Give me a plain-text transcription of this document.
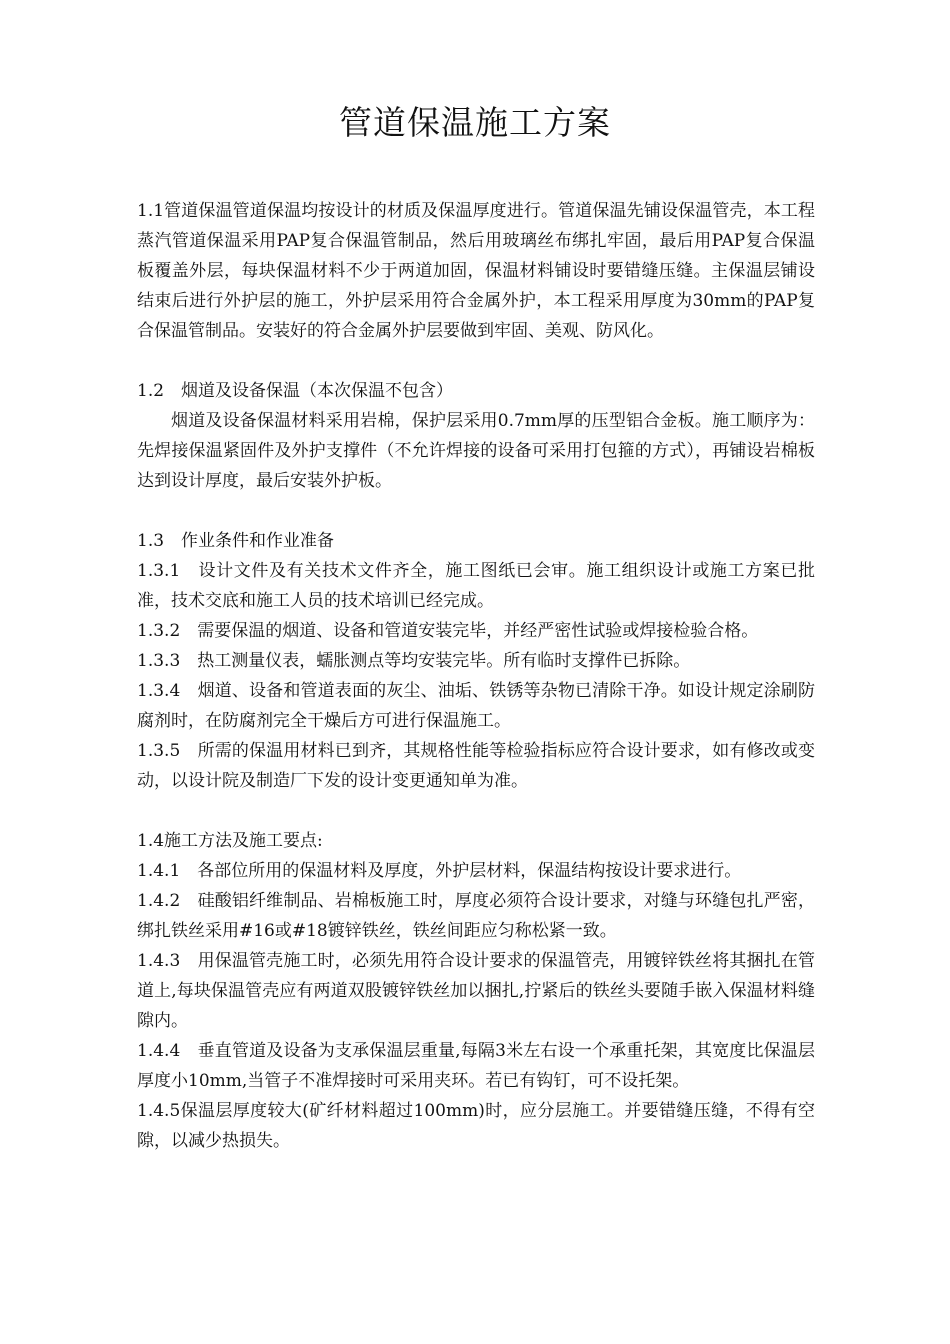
管道保温施工方案

1.1管道保温管道保温均按设计的材质及保温厚度进行。管道保温先铺设保温管壳，本工程蒸汽管道保温采用PAP复合保温管制品，然后用玻璃丝布绑扎牢固，最后用PAP复合保温板覆盖外层，每块保温材料不少于两道加固，保温材料铺设时要错缝压缝。主保温层铺设结束后进行外护层的施工，外护层采用符合金属外护，本工程采用厚度为30mm的PAP复合保温管制品。安装好的符合金属外护层要做到牢固、美观、防风化。

1.2　烟道及设备保温（本次保温不包含）

烟道及设备保温材料采用岩棉，保护层采用0.7mm厚的压型铝合金板。施工顺序为：先焊接保温紧固件及外护支撑件（不允许焊接的设备可采用打包箍的方式），再铺设岩棉板达到设计厚度，最后安装外护板。

1.3　作业条件和作业准备

1.3.1　设计文件及有关技术文件齐全，施工图纸已会审。施工组织设计或施工方案已批准，技术交底和施工人员的技术培训已经完成。

1.3.2　需要保温的烟道、设备和管道安装完毕，并经严密性试验或焊接检验合格。

1.3.3　热工测量仪表，蠕胀测点等均安装完毕。所有临时支撑件已拆除。

1.3.4　烟道、设备和管道表面的灰尘、油垢、铁锈等杂物已清除干净。如设计规定涂刷防腐剂时，在防腐剂完全干燥后方可进行保温施工。

1.3.5　所需的保温用材料已到齐，其规格性能等检验指标应符合设计要求，如有修改或变动，以设计院及制造厂下发的设计变更通知单为准。

1.4施工方法及施工要点:

1.4.1　各部位所用的保温材料及厚度，外护层材料，保温结构按设计要求进行。

1.4.2　硅酸铝纤维制品、岩棉板施工时，厚度必须符合设计要求，对缝与环缝包扎严密，绑扎铁丝采用#16或#18镀锌铁丝，铁丝间距应匀称松紧一致。

1.4.3　用保温管壳施工时，必须先用符合设计要求的保温管壳，用镀锌铁丝将其捆扎在管道上,每块保温管壳应有两道双股镀锌铁丝加以捆扎,拧紧后的铁丝头要随手嵌入保温材料缝隙内。

1.4.4　垂直管道及设备为支承保温层重量,每隔3米左右设一个承重托架，其宽度比保温层厚度小10mm,当管子不准焊接时可采用夹环。若已有钩钉，可不设托架。

1.4.5保温层厚度较大(矿纤材料超过100mm)时，应分层施工。并要错缝压缝，不得有空隙，以减少热损失。
